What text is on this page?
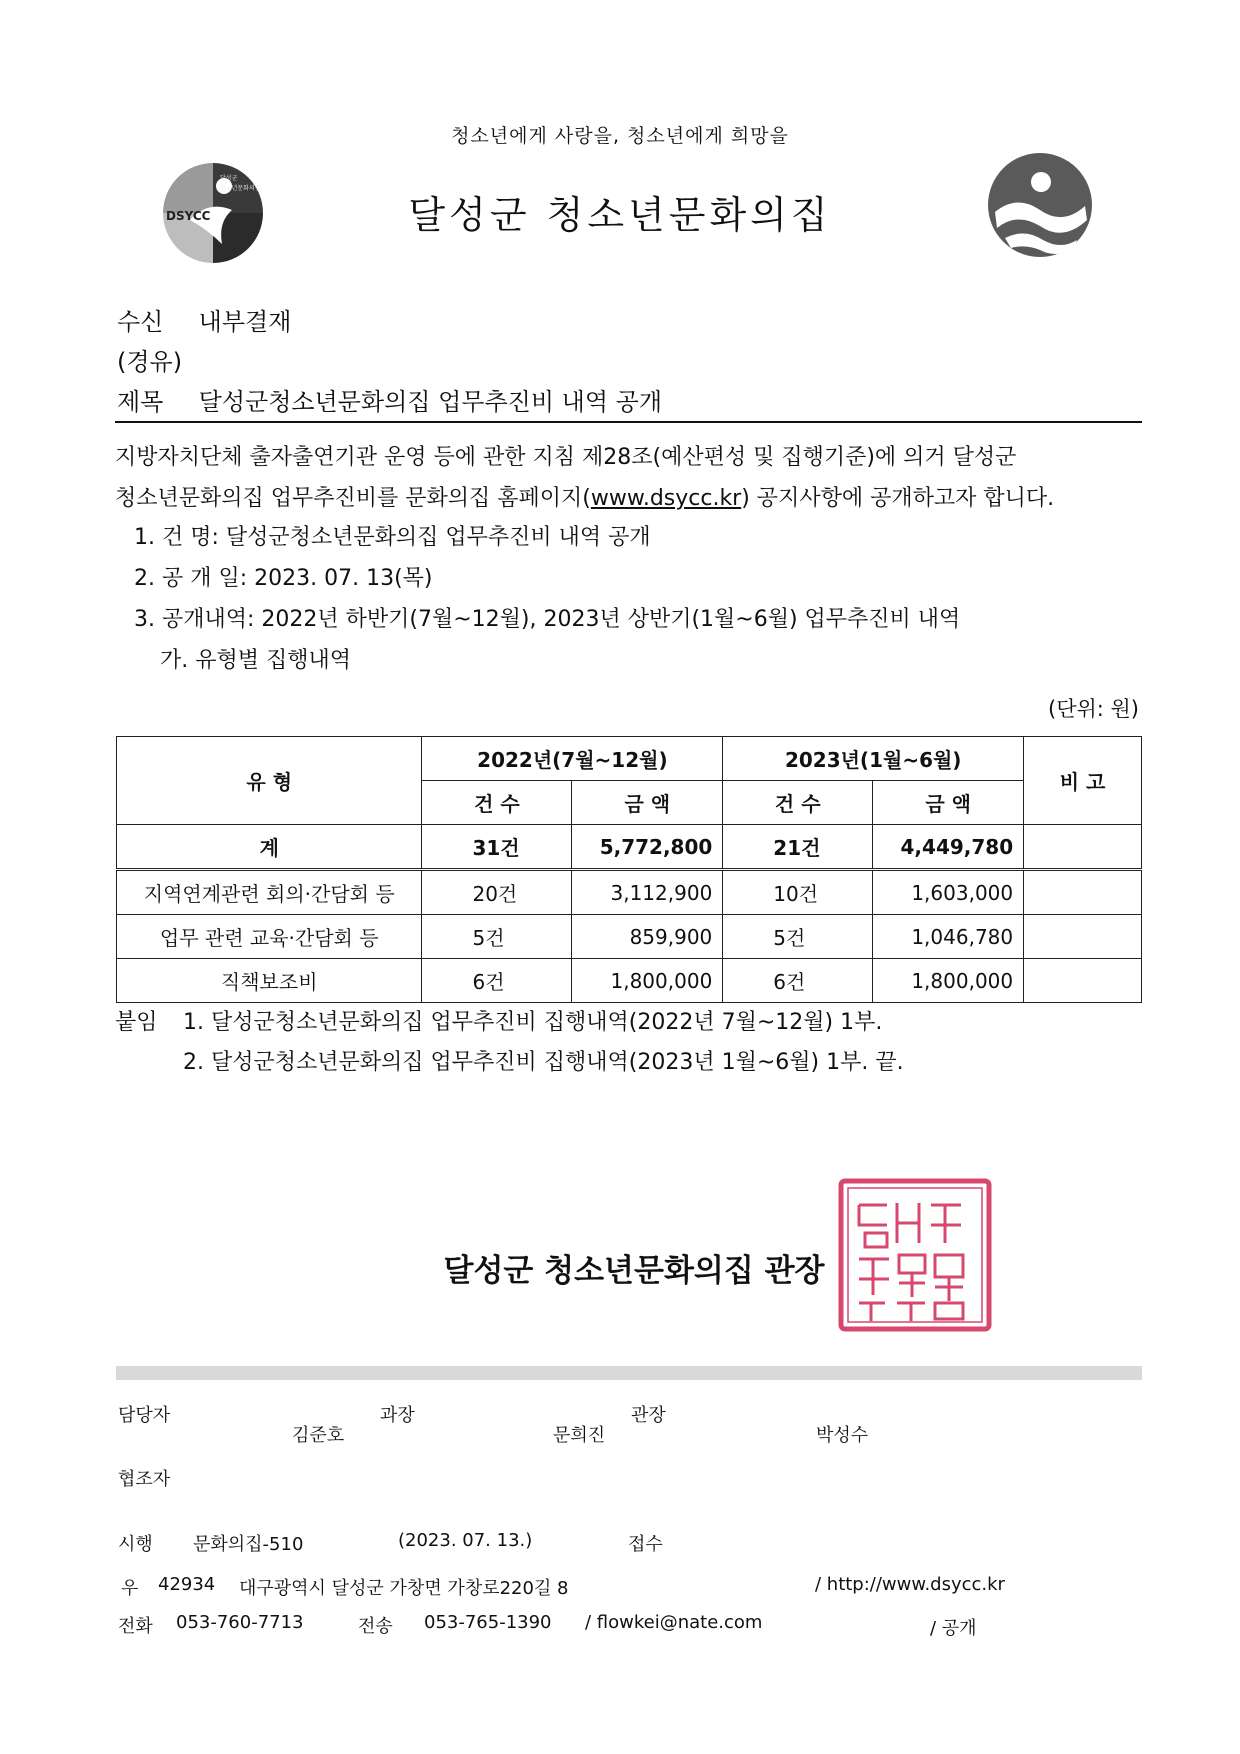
청소년에게 사랑을, 청소년에게 희망을
DSYCC
달성군
청소년문화의집
달성군 청소년문화의집
수신 내부결재
(경유)
제목 달성군청소년문화의집 업무추진비 내역 공개
지방자치단체 출자출연기관 운영 등에 관한 지침 제28조(예산편성 및 집행기준)에 의거 달성군
청소년문화의집 업무추진비를 문화의집 홈페이지(www.dsycc.kr) 공지사항에 공개하고자 합니다.
1. 건 명: 달성군청소년문화의집 업무추진비 내역 공개
2. 공 개 일: 2023. 07. 13(목)
3. 공개내역: 2022년 하반기(7월~12월), 2023년 상반기(1월~6월) 업무추진비 내역
가. 유형별 집행내역
(단위: 원)
유 형	2022년(7월~12월)		2023년(1월~6월)		비 고
	건 수	금 액	건 수	금 액	
계	31건	5,772,800	21건	4,449,780	
지역연계관련 회의·간담회 등	20건	3,112,900	10건	1,603,000	
업무 관련 교육·간담회 등	5건	859,900	5건	1,046,780	
직책보조비	6건	1,800,000	6건	1,800,000	
붙임 1. 달성군청소년문화의집 업무추진비 집행내역(2022년 7월~12월) 1부.
2. 달성군청소년문화의집 업무추진비 집행내역(2023년 1월~6월) 1부. 끝.
달성군 청소년문화의집 관장
담당자
김준호
과장
문희진
관장
박성수
협조자
시행 문화의집-510	(2023. 07. 13.)	접수
우 42934 대구광역시 달성군 가창면 가창로220길 8	/ http://www.dsycc.kr
전화 053-760-7713	전송 053-765-1390 / flowkei@nate.com	/ 공개
